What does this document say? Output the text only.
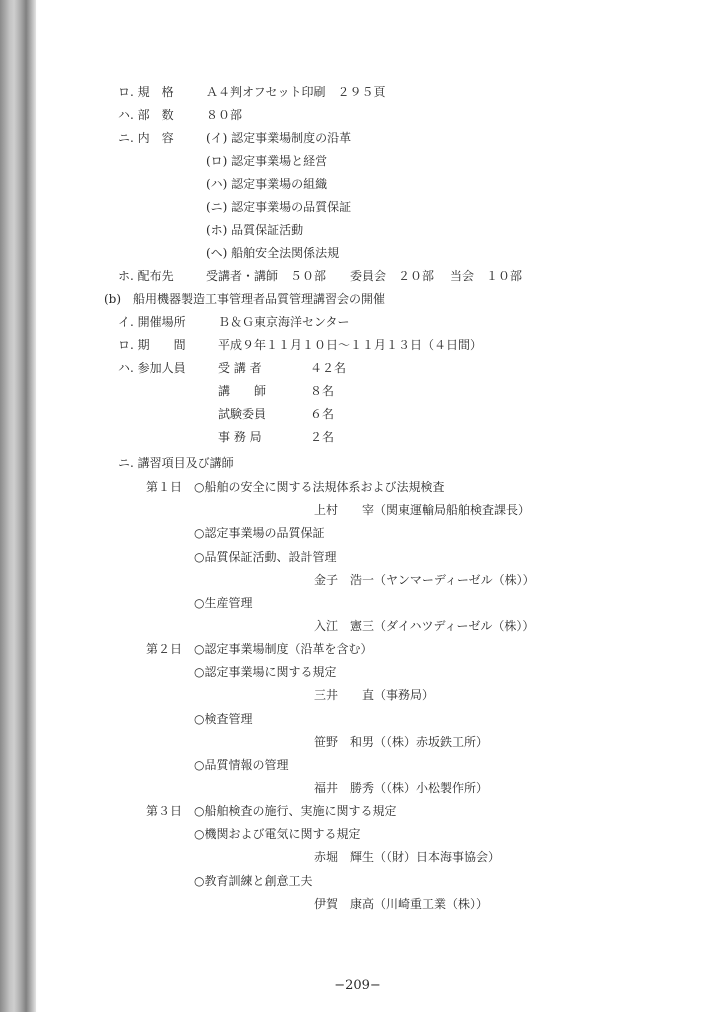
ロ. 規　格	Ａ４判オフセット印刷　２９５頁
ハ. 部　数	８０部
ニ. 内　容	(イ) 認定事業場制度の沿革
(ロ) 認定事業場と経営
(ハ) 認定事業場の組織
(ニ) 認定事業場の品質保証
(ホ) 品質保証活動
(ヘ) 船舶安全法関係法規
ホ. 配布先	受講者・講師　５０部 委員会　２０部 当会　１０部
(b)　船用機器製造工事管理者品質管理講習会の開催
イ. 開催場所	Ｂ＆Ｇ東京海洋センター
ロ. 期　　間	平成９年１１月１０日〜１１月１３日（４日間）
ハ. 参加人員	受 講 者	４２名
講　　師	８名
試験委員	６名
事 務 局	２名
ニ. 講習項目及び講師
第１日 ○船舶の安全に関する法規体系および法規検査
上村　　宰（関東運輸局船舶検査課長）
○認定事業場の品質保証
○品質保証活動、設計管理
金子　浩一（ヤンマーディーゼル（株））
○生産管理
入江　憲三（ダイハツディーゼル（株））
第２日 ○認定事業場制度（沿革を含む）
○認定事業場に関する規定
三井　　直（事務局）
○検査管理
笹野　和男（（株）赤坂鉄工所）
○品質情報の管理
福井　勝秀（（株）小松製作所）
第３日 ○船舶検査の施行、実施に関する規定
○機関および電気に関する規定
赤堀　輝生（（財）日本海事協会）
○教育訓練と創意工夫
伊賀　康高（川崎重工業（株））
−209−
